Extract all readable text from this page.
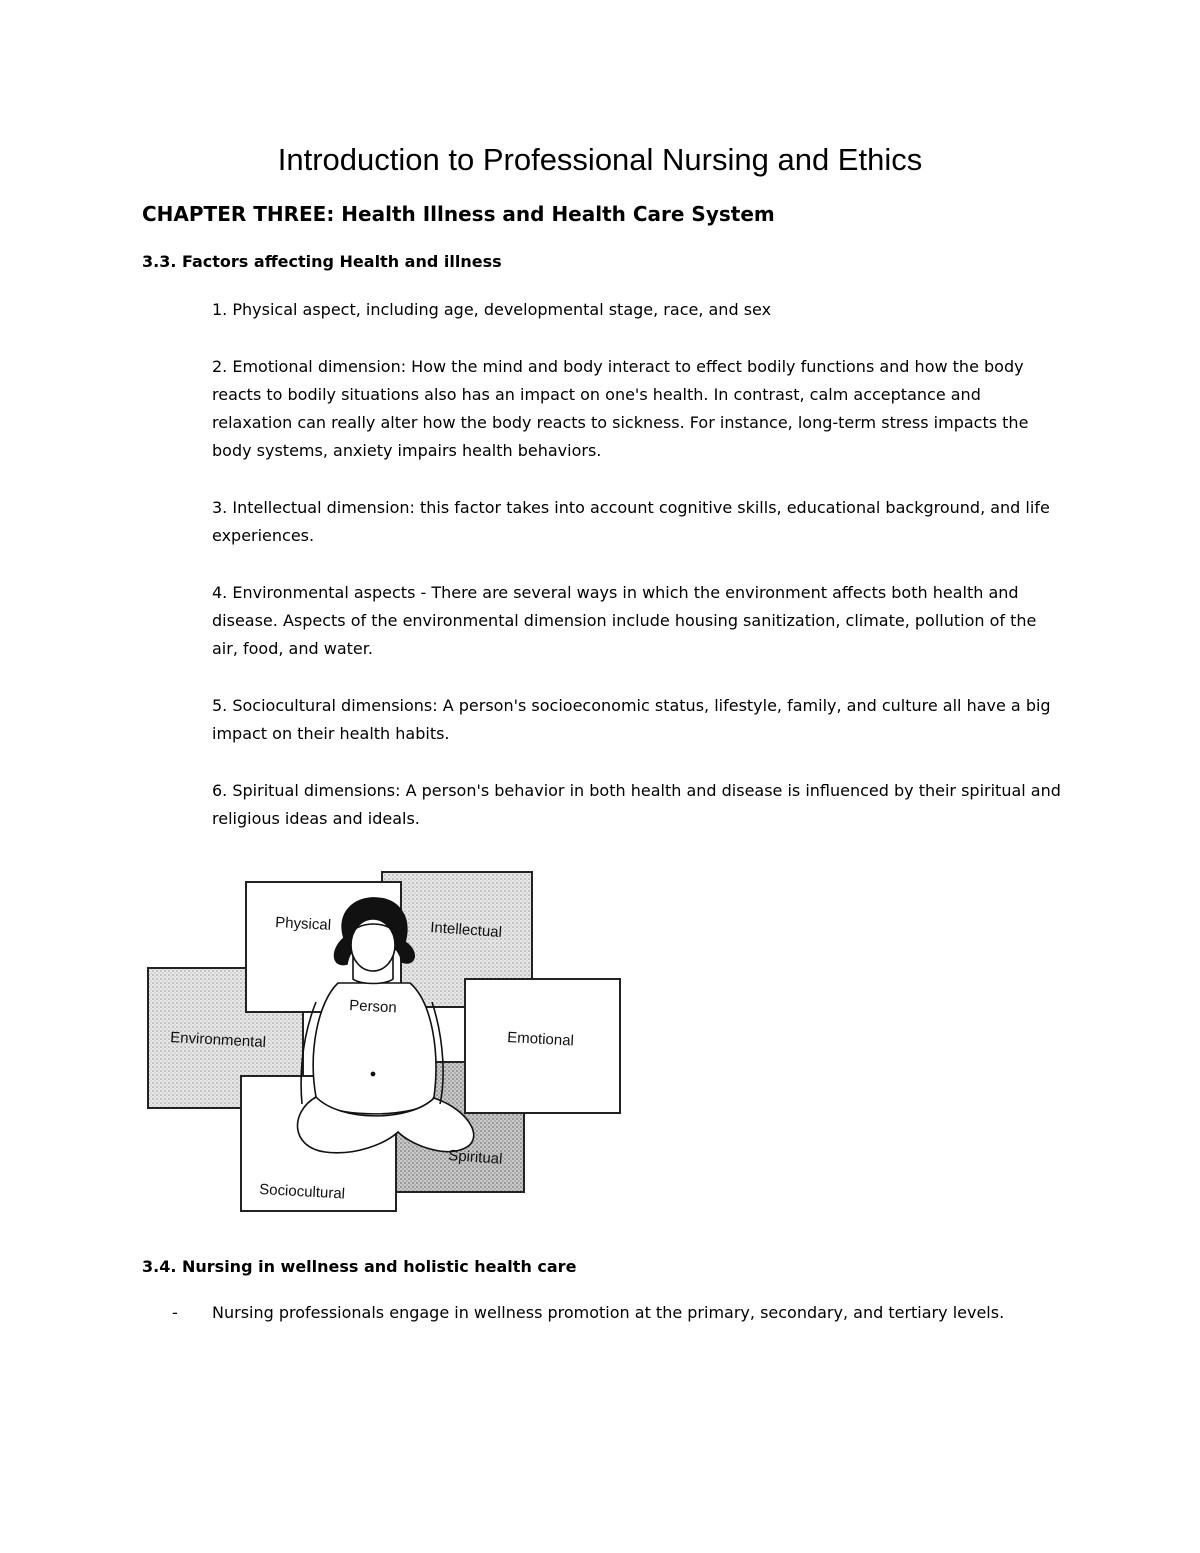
Introduction to Professional Nursing and Ethics
CHAPTER THREE: Health Illness and Health Care System
3.3. Factors affecting Health and illness
1. Physical aspect, including age, developmental stage, race, and sex
2. Emotional dimension: How the mind and body interact to effect bodily functions and how the body reacts to bodily situations also has an impact on one's health. In contrast, calm acceptance and relaxation can really alter how the body reacts to sickness. For instance, long-term stress impacts the body systems, anxiety impairs health behaviors.
3. Intellectual dimension: this factor takes into account cognitive skills, educational background, and life experiences.
4. Environmental aspects - There are several ways in which the environment affects both health and disease. Aspects of the environmental dimension include housing sanitization, climate, pollution of the air, food, and water.
5. Sociocultural dimensions: A person's socioeconomic status, lifestyle, family, and culture all have a big impact on their health habits.
6. Spiritual dimensions: A person's behavior in both health and disease is influenced by their spiritual and religious ideas and ideals.
Physical	Intellectual
Person
Environmental	Emotional
Spiritual
Sociocultural
3.4. Nursing in wellness and holistic health care
-	Nursing professionals engage in wellness promotion at the primary, secondary, and tertiary levels.
